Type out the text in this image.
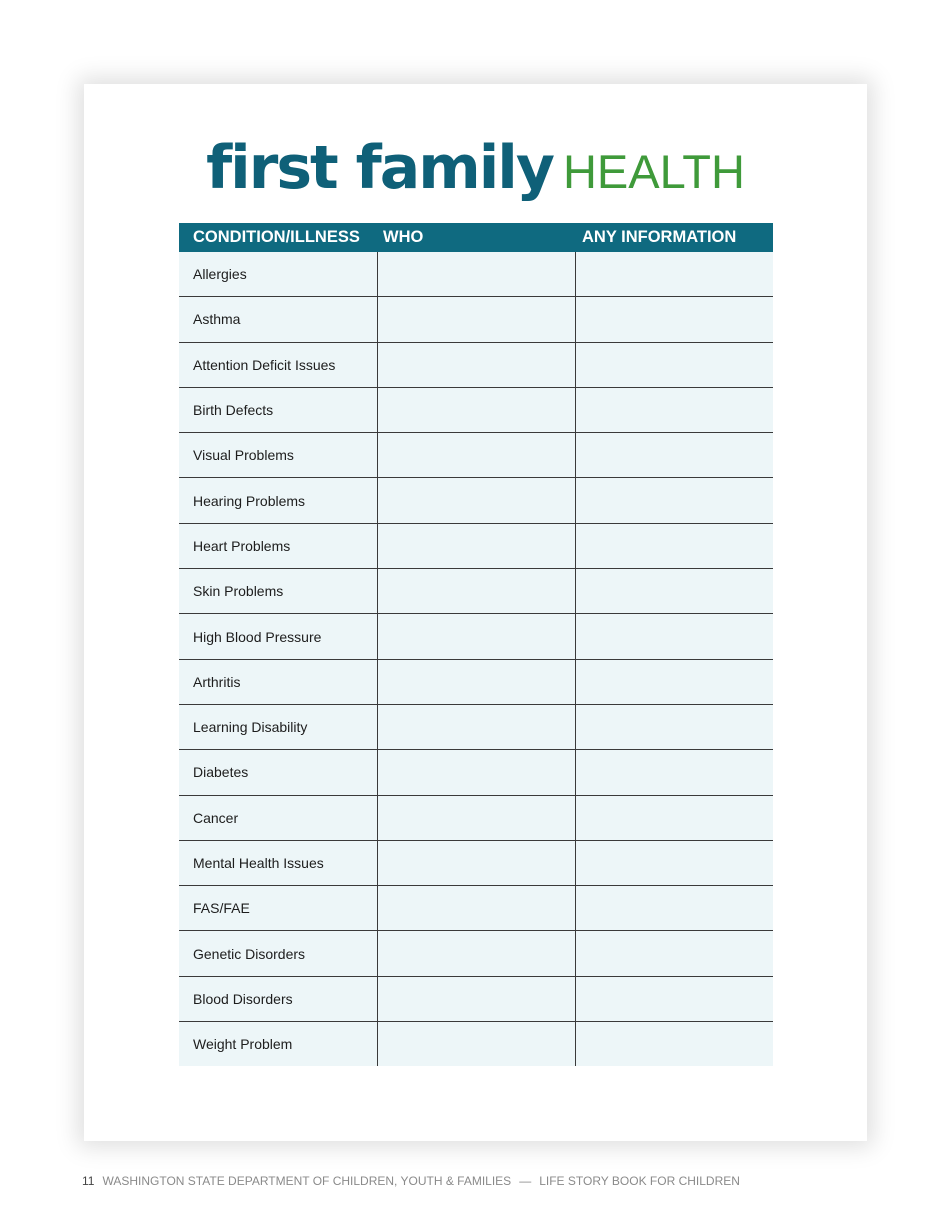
first family HEALTH
CONDITION/ILLNESS	WHO	ANY INFORMATION
Allergies		
Asthma		
Attention Deficit Issues		
Birth Defects		
Visual Problems		
Hearing Problems		
Heart Problems		
Skin Problems		
High Blood Pressure		
Arthritis		
Learning Disability		
Diabetes		
Cancer		
Mental Health Issues		
FAS/FAE		
Genetic Disorders		
Blood Disorders		
Weight Problem		
11 WASHINGTON STATE DEPARTMENT OF CHILDREN, YOUTH & FAMILIES — LIFE STORY BOOK FOR CHILDREN
